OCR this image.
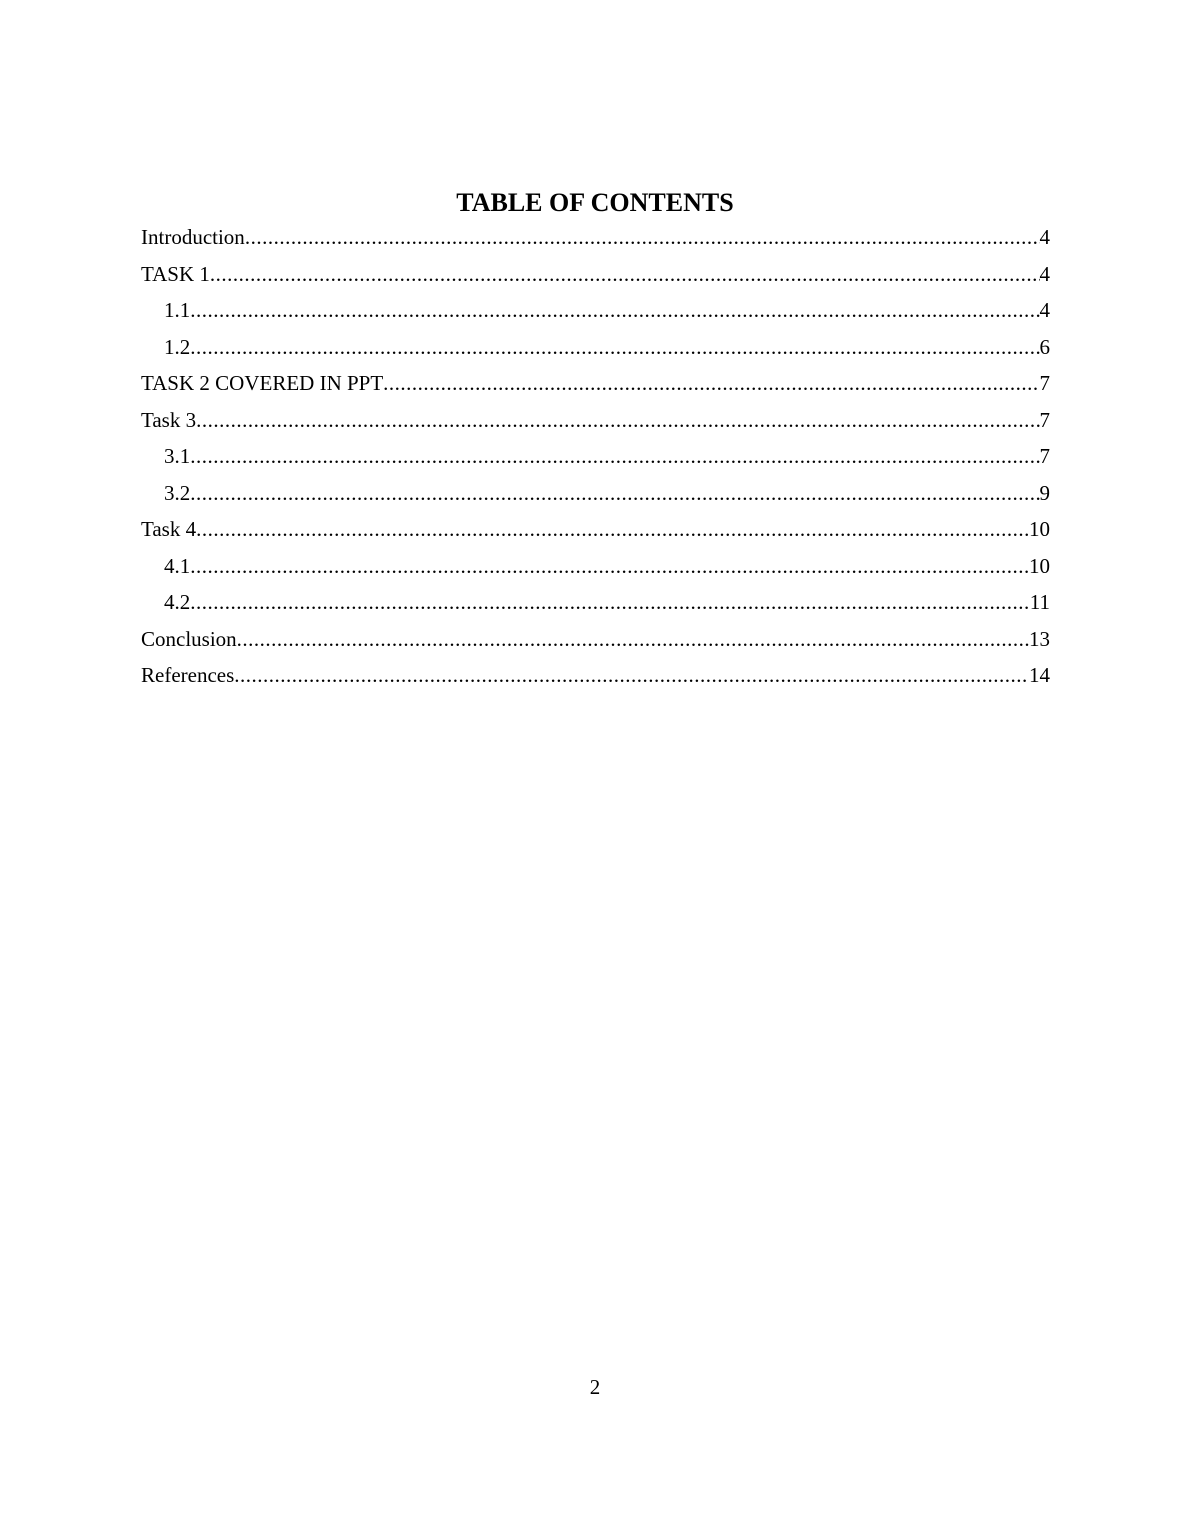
TABLE OF CONTENTS
Introduction .....	4
TASK 1 .....	4
1.1 .....	4
1.2 .....	6
TASK 2 COVERED IN PPT .....	7
Task 3 .....	7
3.1 .....	7
3.2 .....	9
Task 4 .....	10
4.1 .....	10
4.2 .....	11
Conclusion .....	13
References .....	14
2
